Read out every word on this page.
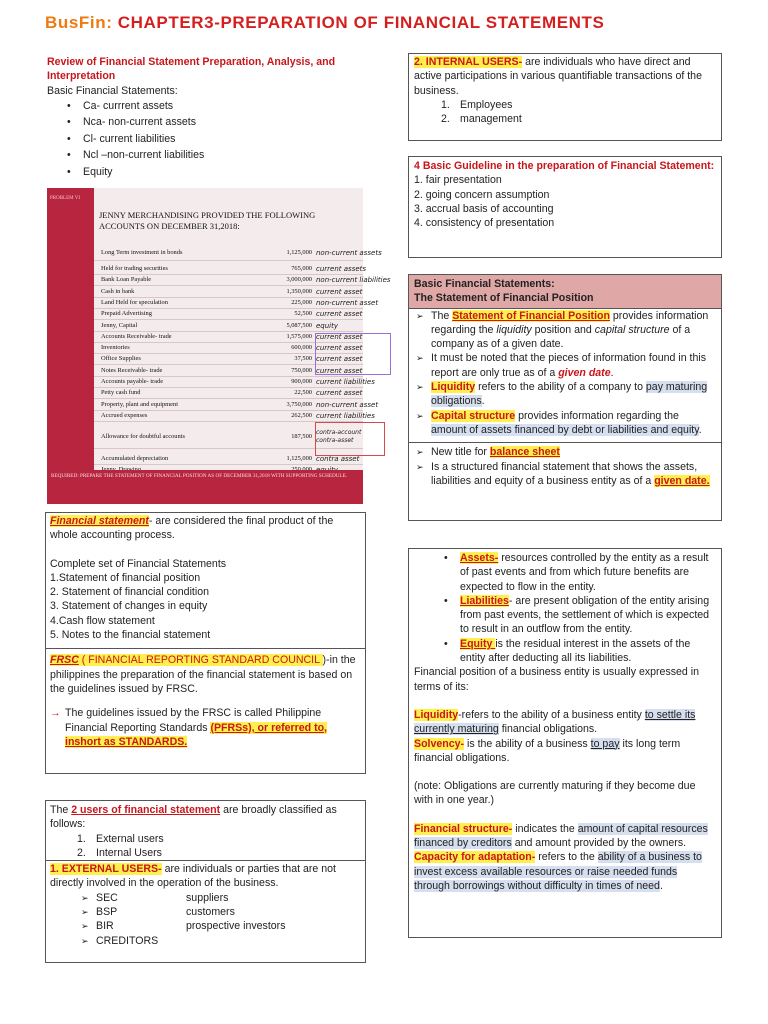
BusFin: CHAPTER3-PREPARATION OF FINANCIAL STATEMENTS
Review of Financial Statement Preparation, Analysis, and Interpretation
Basic Financial Statements:
• Ca- currrent assets
• Nca- non-current assets
• Cl- current liabilities
• Ncl –non-current liabilities
• Equity
PROBLEM VI
JENNY MERCHANDISING PROVIDED THE FOLLOWING ACCOUNTS ON DECEMBER 31,2018:
Long Term investment in bonds	1,125,000 non-current assets
Held for trading securities	765,000 current assets
Bank Loan Payable	3,000,000 non-current liabilities
Cash in bank	1,350,000 current asset
Land Held for speculation	225,000 non-current asset
Prepaid Advertising	52,500 current asset
Jenny, Capital	5,087,500 equity
Accounts Receivable- trade	1,575,000 current asset
Inventories	600,000 current asset
Office Supplies	37,500 current asset
Notes Receivable- trade	750,000 current asset
Accounts payable- trade	900,000 current liabilities
Petty cash fund	22,500 current asset
Property, plant and equipment	3,750,000 non-current asset
Accrued expenses	262,500 current liabilities
Allowance for doubtful accounts	187,500
contra-account contra-asset
Accumulated depreciation	1,125,000 contra asset
REQUIRED: PREPARE THE STATEMENT OF FINANCIAL POSITION AS OF DECEMBER 31,2018 WITH SUPPORTING SCHEDULE.
Financial statement- are considered the final product of the whole accounting process.
Complete set of Financial Statements
1.Statement of financial position
2. Statement of financial condition
3. Statement of changes in equity
4.Cash flow statement
5. Notes to the financial statement
FRSC ( FINANCIAL REPORTING STANDARD COUNCIL )-in the philippines the preparation of the financial statement is based on the guidelines issued by FRSC.
→ The guidelines issued by the FRSC is called Philippine Financial Reporting Standards (PFRSs), or referred to, inshort as STANDARDS.
The 2 users of financial statement are broadly classified as follows:
1. External users
2. Internal Users
1. EXTERNAL USERS- are individuals or parties that are not directly involved in the operation of the business.
➢ SEC	suppliers
➢ BSP	customers
➢ BIR	prospective investors
➢ CREDITORS
2. INTERNAL USERS- are individuals who have direct and active participations in various quantifiable transactions of the business.
1. Employees
2. management
4 Basic Guideline in the preparation of Financial Statement:
1. fair presentation
2. going concern assumption
3. accrual basis of accounting
4. consistency of presentation
Basic Financial Statements:
The Statement of Financial Position
➢ The Statement of Financial Position provides information regarding the liquidity position and capital structure of a company as of a given date.
➢ It must be noted that the pieces of information found in this report are only true as of a given date.
➢ Liquidity refers to the ability of a company to pay maturing obligations.
➢ Capital structure provides information regarding the amount of assets financed by debt or liabilities and equity.
➢ New title for balance sheet
➢ Is a structured financial statement that shows the assets, liabilities and equity of a business entity as of a given date.
• Assets- resources controlled by the entity as a result of past events and from which future benefits are expected to flow in the entity.
• Liabilities- are present obligation of the entity arising from past events, the settlement of which is expected to result in an outflow from the entity.
• Equity is the residual interest in the assets of the entity after deducting all its liabilities.
Financial position of a business entity is usually expressed in terms of its:
Liquidity-refers to the ability of a business entity to settle its currently maturing financial obligations.
Solvency- is the ability of a business to pay its long term financial obligations.
(note: Obligations are currently maturing if they become due with in one year.)
Financial structure- indicates the amount of capital resources financed by creditors and amount provided by the owners.
Capacity for adaptation- refers to the ability of a business to invest excess available resources or raise needed funds through borrowings without difficulty in times of need.
